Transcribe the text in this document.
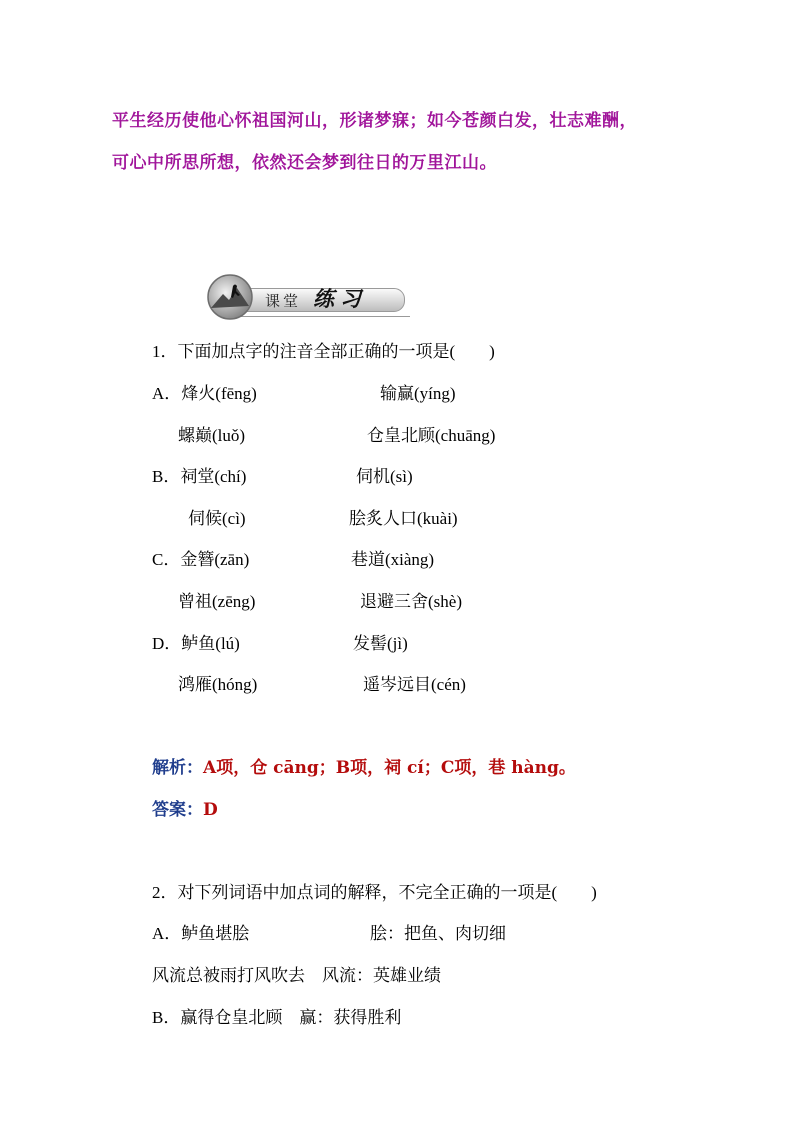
平生经历使他心怀祖国河山，形诸梦寐；如今苍颜白发，壮志难酬，
可心中所思所想，依然还会梦到往日的万里江山。
课堂 练习
1．下面加点字的注音全部正确的一项是(　　)
A．烽火(fēng)	输赢(yíng)
螺巅(luǒ)	仓皇北顾(chuāng)
B．祠堂(chí)	伺机(sì)
伺候(cì)	脍炙人口(kuài)
C．金簪(zān)	巷道(xiàng)
曾祖(zēng)	退避三舍(shè)
D．鲈鱼(lú)	发髻(jì)
鸿雁(hóng)	遥岑远目(cén)
解析：A项，仓 cāng；B项，祠 cí；C项，巷 hàng。
答案：D
2．对下列词语中加点词的解释，不完全正确的一项是(　　)
A．鲈鱼堪脍	脍：把鱼、肉切细
风流总被雨打风吹去　风流：英雄业绩
B．赢得仓皇北顾　赢：获得胜利
